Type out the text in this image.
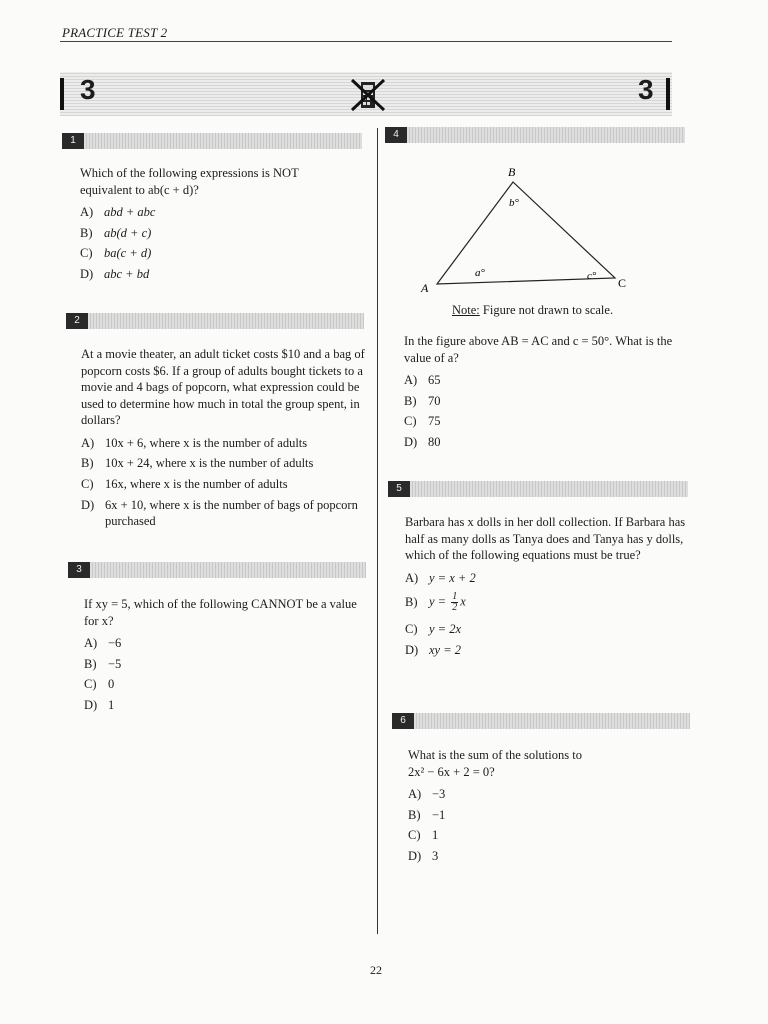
PRACTICE TEST 2
3	3
1

Which of the following expressions is NOT
equivalent to ab(c + d)?

A) abd + abc
B) ab(d + c)
C) ba(c + d)
D) abc + bd
2

At a movie theater, an adult ticket costs $10 and a bag of popcorn costs $6. If a group of adults bought tickets to a movie and 4 bags of popcorn, what expression could be used to determine how much in total the group spent, in dollars?

A) 10x + 6, where x is the number of adults
B) 10x + 24, where x is the number of adults
C) 16x, where x is the number of adults
D) 6x + 10, where x is the number of bags of popcorn purchased
3

If xy = 5, which of the following CANNOT be a value for x?

A) −6
B) −5
C) 0
D) 1
4
B
A	C
b°
a°	c°
Note: Figure not drawn to scale.

In the figure above AB = AC and c = 50°. What is the value of a?

A) 65
B) 70
C) 75
D) 80
5

Barbara has x dolls in her doll collection. If Barbara has half as many dolls as Tanya does and Tanya has y dolls, which of the following equations must be true?

A) y = x + 2
B) $y = \frac{1}{2}$ x
C) y = 2x
D) xy = 2
6

What is the sum of the solutions to
2x² − 6x + 2 = 0?

A) −3
B) −1
C) 1
D) 3
22
